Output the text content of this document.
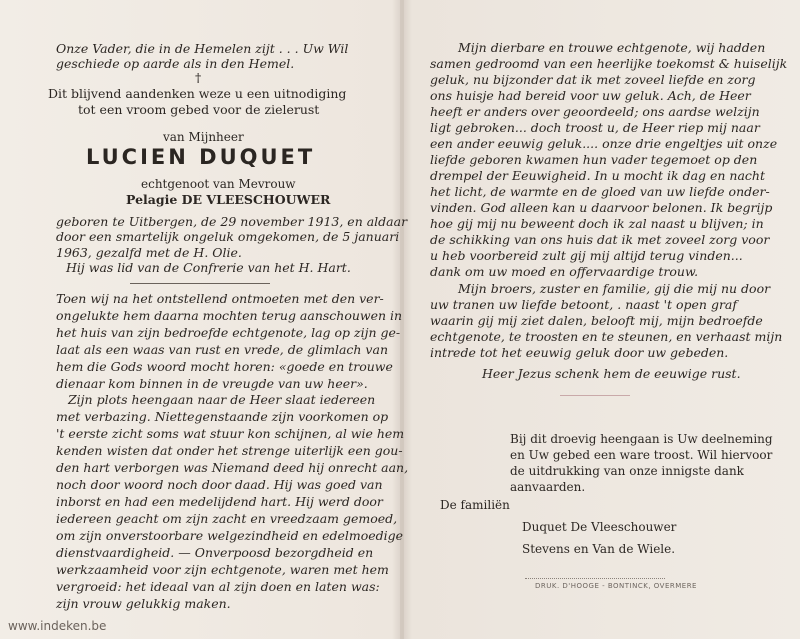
Onze Vader, die in de Hemelen zijt . . . Uw Wil
geschiede op aarde als in den Hemel.
†
Dit blijvend aandenken weze u een uitnodiging
tot een vroom gebed voor de zielerust
van Mijnheer
LUCIEN DUQUET
echtgenoot van Mevrouw
Pelagie DE VLEESCHOUWER
geboren te Uitbergen, de 29 november 1913, en aldaar
door een smartelijk ongeluk omgekomen, de 5 januari
1963, gezalfd met de H. Olie.
Hij was lid van de Confrerie van het H. Hart.
Toen wij na het ontstellend ontmoeten met den ver-
ongelukte hem daarna mochten terug aanschouwen in
het huis van zijn bedroefde echtgenote, lag op zijn ge-
laat als een waas van rust en vrede, de glimlach van
hem die Gods woord mocht horen: «goede en trouwe
dienaar kom binnen in de vreugde van uw heer».
Zijn plots heengaan naar de Heer slaat iedereen
met verbazing. Niettegenstaande zijn voorkomen op
't eerste zicht soms wat stuur kon schijnen, al wie hem
kenden wisten dat onder het strenge uiterlijk een gou-
den hart verborgen was Niemand deed hij onrecht aan,
noch door woord noch door daad. Hij was goed van
inborst en had een medelijdend hart. Hij werd door
iedereen geacht om zijn zacht en vreedzaam gemoed,
om zijn onverstoorbare welgezindheid en edelmoedige
dienstvaardigheid. — Onverpoosd bezorgdheid en
werkzaamheid voor zijn echtgenote, waren met hem
vergroeid: het ideaal van al zijn doen en laten was:
zijn vrouw gelukkig maken.
Mijn dierbare en trouwe echtgenote, wij hadden
samen gedroomd van een heerlijke toekomst & huiselijk
geluk, nu bijzonder dat ik met zoveel liefde en zorg
ons huisje had bereid voor uw geluk. Ach, de Heer
heeft er anders over geoordeeld; ons aardse welzijn
ligt gebroken... doch troost u, de Heer riep mij naar
een ander eeuwig geluk.... onze drie engeltjes uit onze
liefde geboren kwamen hun vader tegemoet op den
drempel der Eeuwigheid. In u mocht ik dag en nacht
het licht, de warmte en de gloed van uw liefde onder-
vinden. God alleen kan u daarvoor belonen. Ik begrijp
hoe gij mij nu beweent doch ik zal naast u blijven; in
de schikking van ons huis dat ik met zoveel zorg voor
u heb voorbereid zult gij mij altijd terug vinden...
dank om uw moed en offervaardige trouw.
Mijn broers, zuster en familie, gij die mij nu door
uw tranen uw liefde betoont, . naast 't open graf
waarin gij mij ziet dalen, belooft mij, mijn bedroefde
echtgenote, te troosten en te steunen, en verhaast mijn
intrede tot het eeuwig geluk door uw gebeden.
Heer Jezus schenk hem de eeuwige rust.
Bij dit droevig heengaan is Uw deelneming
en Uw gebed een ware troost. Wil hiervoor
de uitdrukking van onze innigste dank
aanvaarden.
De familiën
Duquet De Vleeschouwer
Stevens en Van de Wiele.
DRUK. D'HOOGE - BONTINCK, OVERMERE
www.indeken.be
